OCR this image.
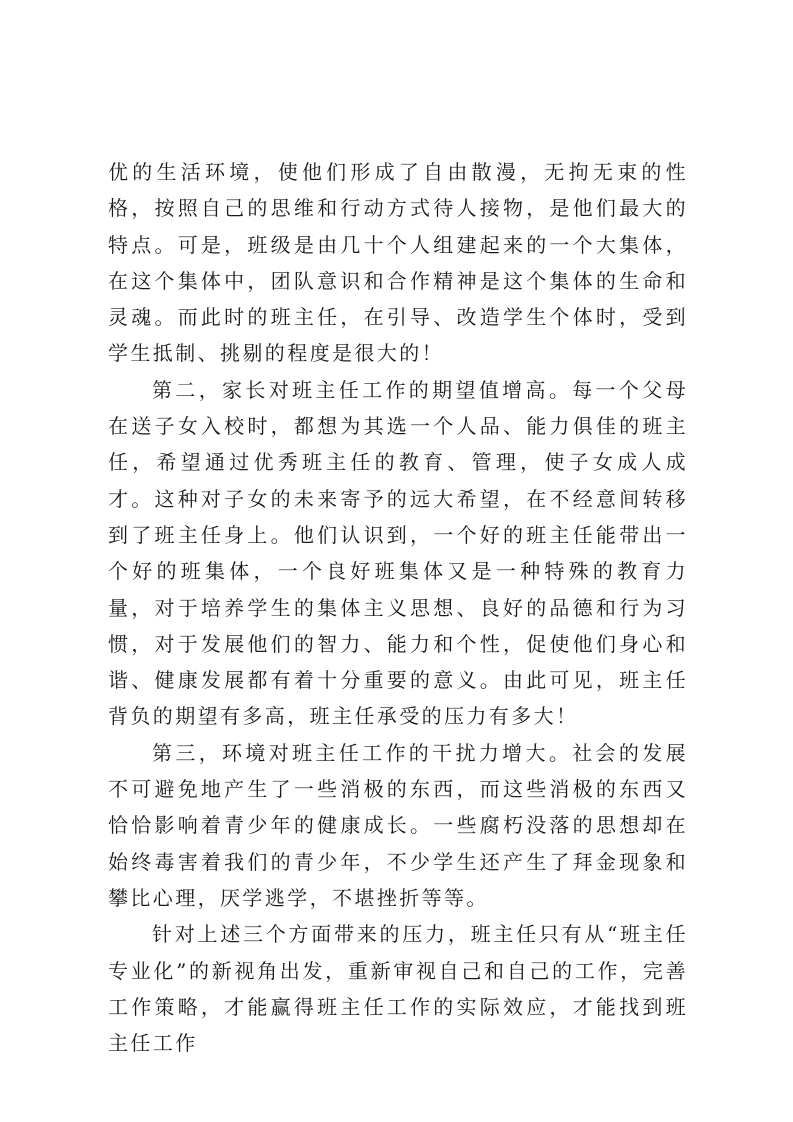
优的生活环境，使他们形成了自由散漫，无拘无束的性格，按照自己的思维和行动方式待人接物，是他们最大的特点。可是，班级是由几十个人组建起来的一个大集体，在这个集体中，团队意识和合作精神是这个集体的生命和灵魂。而此时的班主任，在引导、改造学生个体时，受到学生抵制、挑剔的程度是很大的！

第二，家长对班主任工作的期望值增高。每一个父母在送子女入校时，都想为其选一个人品、能力俱佳的班主任，希望通过优秀班主任的教育、管理，使子女成人成才。这种对子女的未来寄予的远大希望，在不经意间转移到了班主任身上。他们认识到，一个好的班主任能带出一个好的班集体，一个良好班集体又是一种特殊的教育力量，对于培养学生的集体主义思想、良好的品德和行为习惯，对于发展他们的智力、能力和个性，促使他们身心和谐、健康发展都有着十分重要的意义。由此可见，班主任背负的期望有多高，班主任承受的压力有多大！

第三，环境对班主任工作的干扰力增大。社会的发展不可避免地产生了一些消极的东西，而这些消极的东西又恰恰影响着青少年的健康成长。一些腐朽没落的思想却在始终毒害着我们的青少年，不少学生还产生了拜金现象和攀比心理，厌学逃学，不堪挫折等等。

针对上述三个方面带来的压力，班主任只有从“班主任专业化”的新视角出发，重新审视自己和自己的工作，完善工作策略，才能赢得班主任工作的实际效应，才能找到班主任工作
